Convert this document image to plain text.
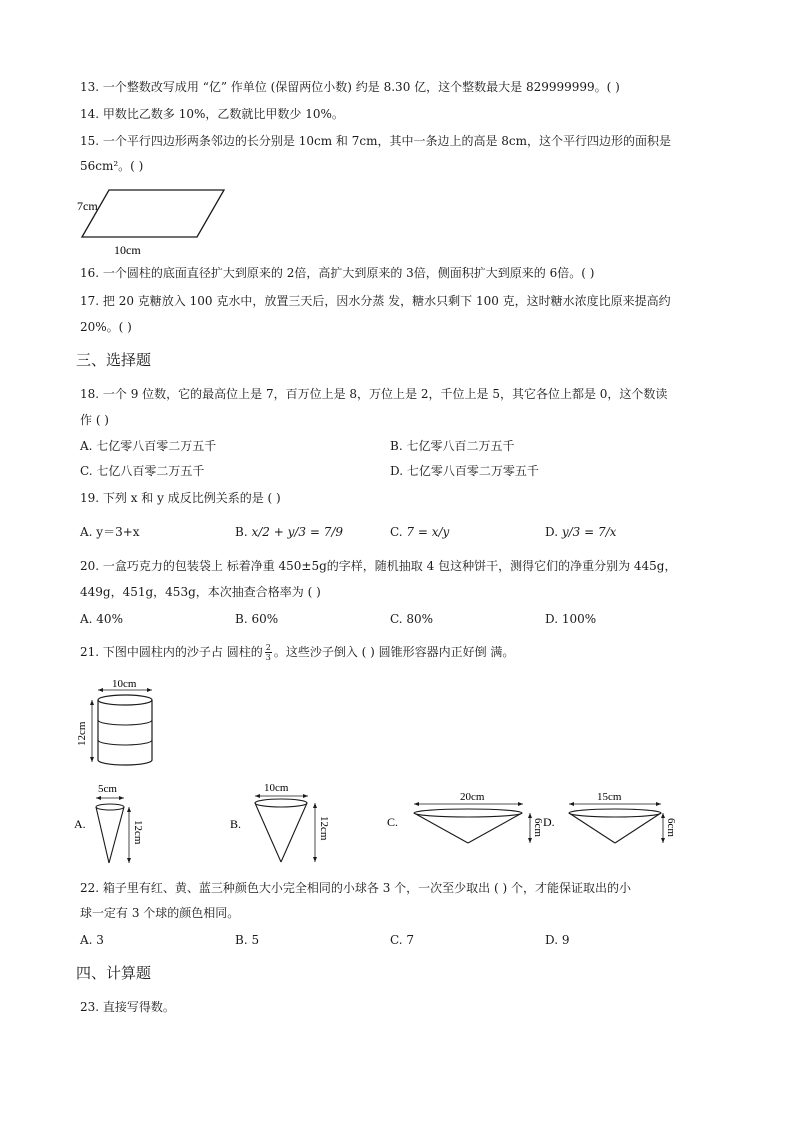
13. 一个整数改写成用 “亿” 作单位 (保留两位小数) 约是 8.30 亿，这个整数最大是 829999999。( )
14. 甲数比乙数多 10%，乙数就比甲数少 10%。
15. 一个平行四边形两条邻边的长分别是 10cm 和 7cm，其中一条边上的高是 8cm，这个平行四边形的面积是
56cm²。( )
7cm
10cm
16. 一个圆柱的底面直径扩大到原来的 2倍，高扩大到原来的 3倍，侧面积扩大到原来的 6倍。( )
17. 把 20 克糖放入 100 克水中，放置三天后，因水分蒸 发，糖水只剩下 100 克，这时糖水浓度比原来提高约
20%。( )
三、选择题
18. 一个 9 位数，它的最高位上是 7，百万位上是 8，万位上是 2，千位上是 5，其它各位上都是 0，这个数读
作 ( )
A. 七亿零八百零二万五千	B. 七亿零八百二万五千
C. 七亿八百零二万五千	D. 七亿零八百零二万零五千
19. 下列 x 和 y 成反比例关系的是 ( )
A. y＝3+x	B. x/2 + y/3 = 7/9	C. 7 = x/y	D. y/3 = 7/x
20. 一盒巧克力的包装袋上 标着净重 450±5g的字样，随机抽取 4 包这种饼干，测得它们的净重分别为 445g，
449g，451g，453g，本次抽查合格率为 ( )
A. 40%	B. 60%	C. 80%	D. 100%
21. 下图中圆柱内的沙子占 圆柱的 $\frac{2}{3}$ 。这些沙子倒入 ( ) 圆锥形容器内正好倒 满。
10cm
12cm
A.
5cm
12cm	B.
10cm
12cm	C.
20cm
6cm D.
15cm
6cm
22. 箱子里有红、黄、蓝三种颜色大小完全相同的小球各 3 个，一次至少取出 ( ) 个，才能保证取出的小
球一定有 3 个球的颜色相同。
A. 3	B. 5	C. 7	D. 9
四、计算题
23. 直接写得数。
